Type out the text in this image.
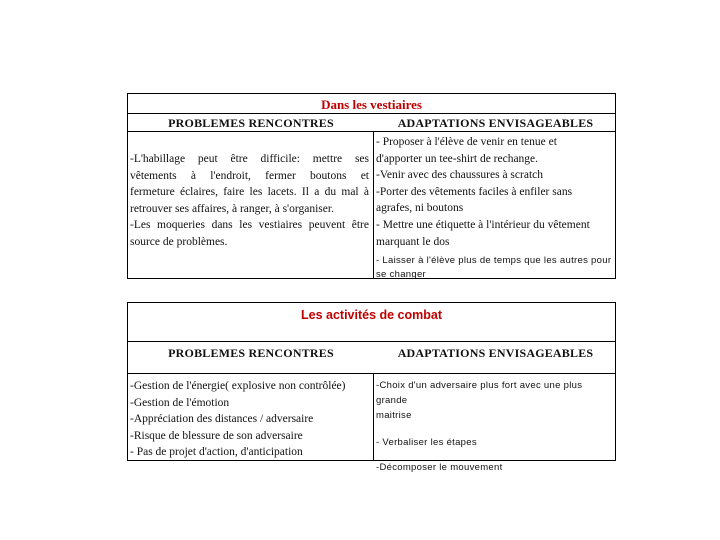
Dans les vestiaires
PROBLEMES RENCONTRES	ADAPTATIONS ENVISAGEABLES
-L'habillage peut être difficile: mettre ses
vêtements à l'endroit, fermer boutons et
fermeture éclaires, faire les lacets. Il a du mal à
retrouver ses affaires, à ranger, à s'organiser.
-Les moqueries dans les vestiaires peuvent être
source de problèmes.
- Proposer à l'élève de venir en tenue et
d'apporter un tee-shirt de rechange.
-Venir avec des chaussures à scratch
-Porter des vêtements faciles à enfiler sans
agrafes, ni boutons
- Mettre une étiquette à l'intérieur du vêtement
marquant le dos
- Laisser à l'élève plus de temps que les autres pour
se changer
Les activités de combat
PROBLEMES RENCONTRES	ADAPTATIONS ENVISAGEABLES
-Gestion de l'énergie( explosive non contrôlée)
-Gestion de l'émotion
-Appréciation des distances / adversaire
-Risque de blessure de son adversaire
- Pas de projet d'action, d'anticipation
-Choix d'un adversaire plus fort avec une plus grande
maitrise
- Verbaliser les étapes
-Décomposer le mouvement
